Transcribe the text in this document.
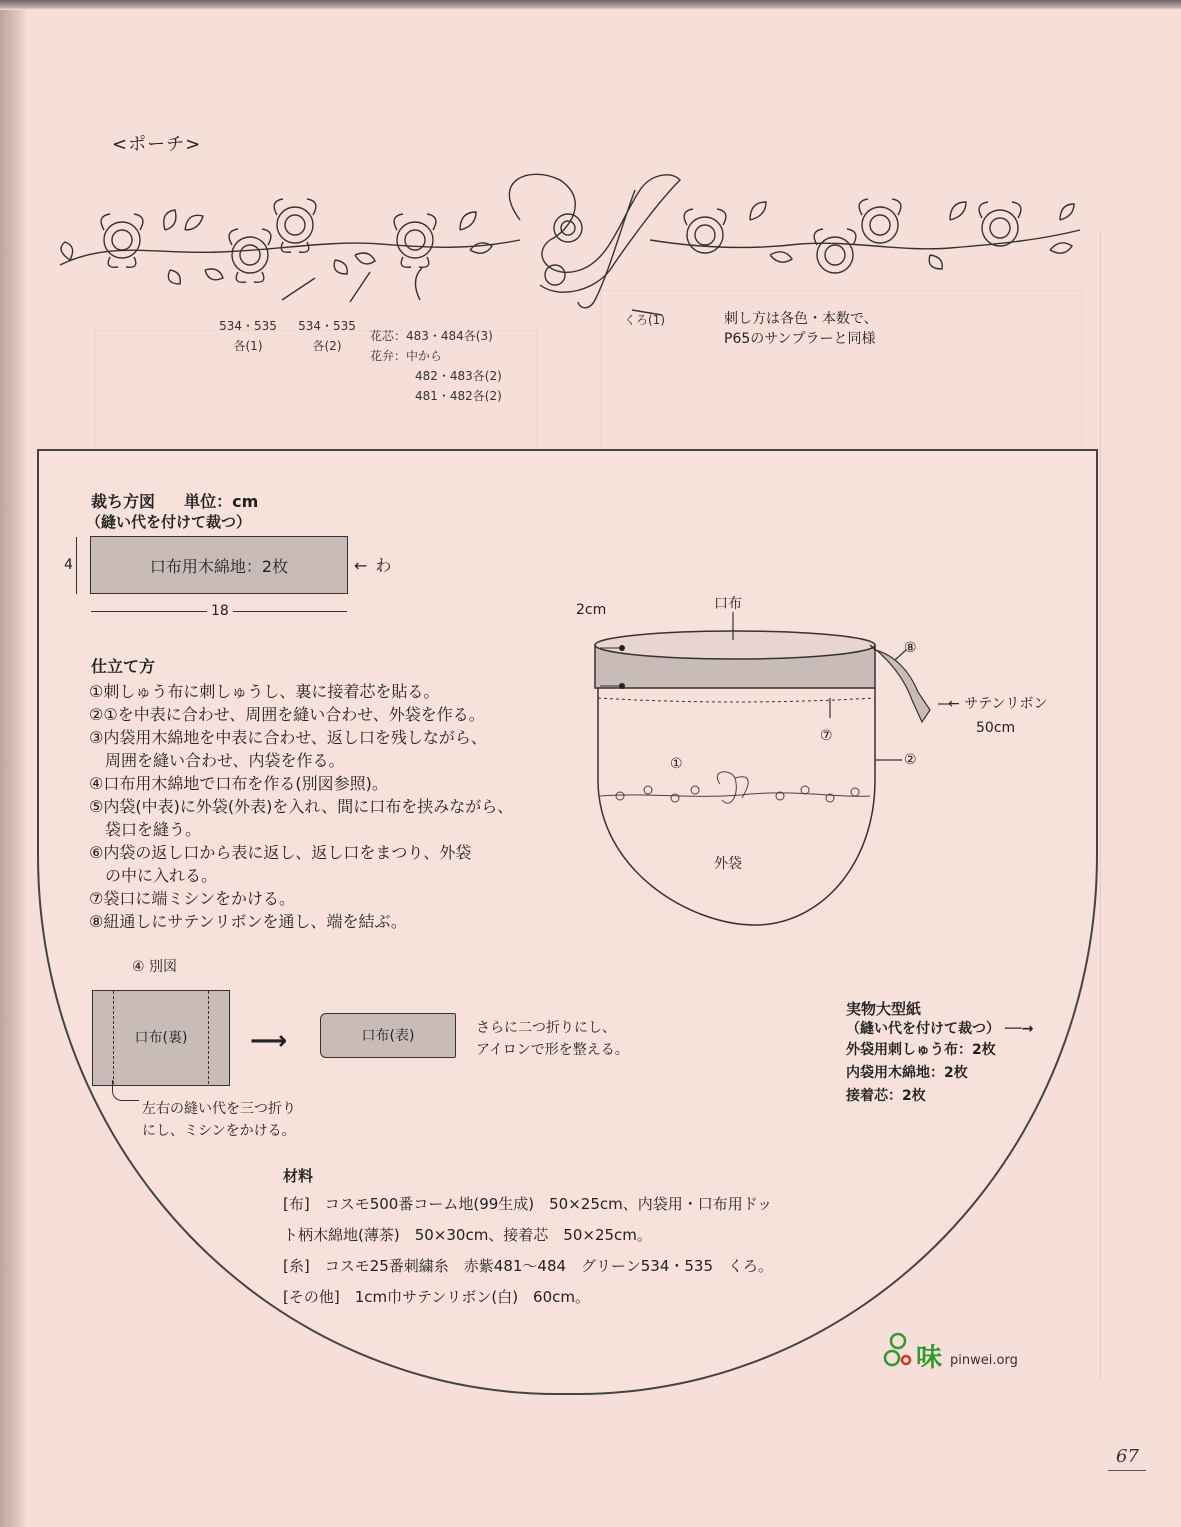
<ポーチ>
534・535
各(1)
534・535
各(2)
花芯：483・484各(3)
花弁：中から
482・483各(2)
481・482各(2)
くろ(1)	刺し方は各色・本数で、
P65のサンプラーと同様
裁ち方図 単位：cm
（縫い代を付けて裁つ）
口布用木綿地：2枚	← わ
4
18
仕立て方
①刺しゅう布に刺しゅうし、裏に接着芯を貼る。
②①を中表に合わせ、周囲を縫い合わせ、外袋を作る。
③内袋用木綿地を中表に合わせ、返し口を残しながら、
　周囲を縫い合わせ、内袋を作る。
④口布用木綿地で口布を作る(別図参照)。
⑤内袋(中表)に外袋(外表)を入れ、間に口布を挟みながら、
　袋口を縫う。
⑥内袋の返し口から表に返し、返し口をまつり、外袋
　の中に入れる。
⑦袋口に端ミシンをかける。
⑧紐通しにサテンリボンを通し、端を結ぶ。
2cm	口布
⑧
← サテンリボン
50cm
⑦
①	②
外袋
④ 別図
口布(裏) ⟶	口布(表)	さらに二つ折りにし、
アイロンで形を整える。
左右の縫い代を三つ折り
にし、ミシンをかける。
実物大型紙
（縫い代を付けて裁つ） ──→
外袋用刺しゅう布：2枚
内袋用木綿地：2枚
接着芯：2枚
材料
[布]　コスモ500番コーム地(99生成)　50×25cm、内袋用・口布用ドッ
ト柄木綿地(薄茶)　50×30cm、接着芯　50×25cm。
[糸]　コスモ25番刺繍糸　赤紫481〜484　グリーン534・535　くろ。
[その他]　1cm巾サテンリボン(白)　60cm。
味 pinwei.org
67
